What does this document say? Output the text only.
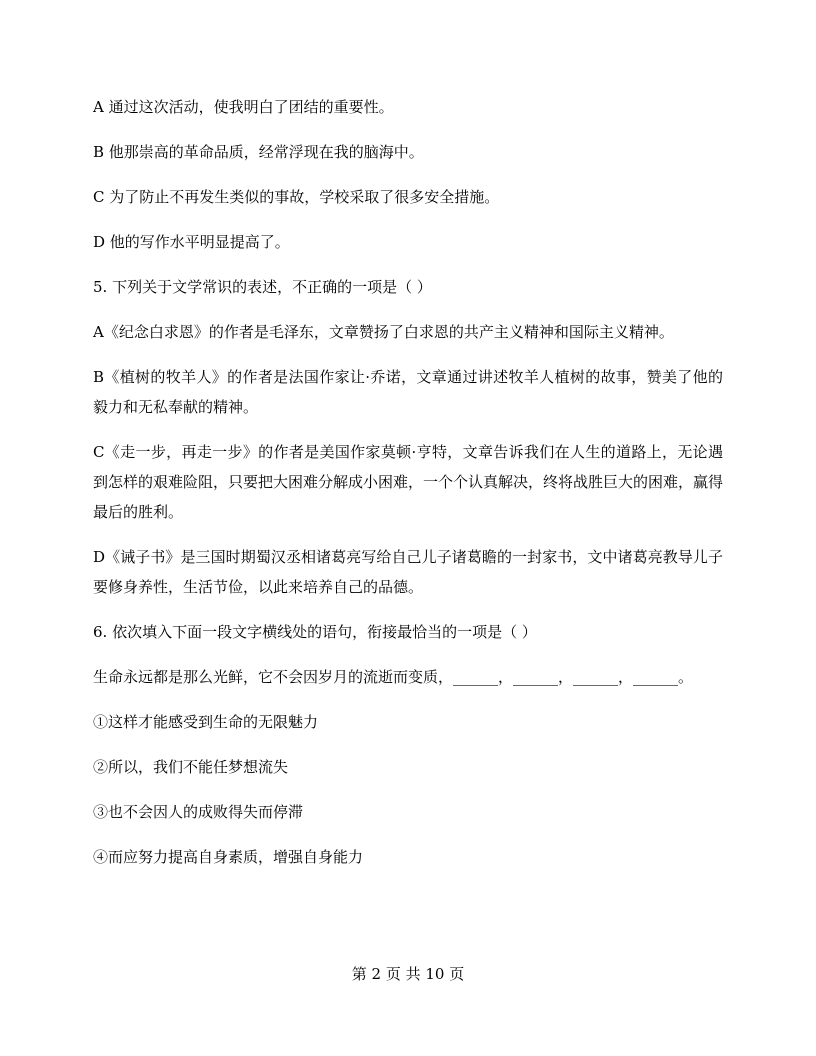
A 通过这次活动，使我明白了团结的重要性。

B 他那崇高的革命品质，经常浮现在我的脑海中。

C 为了防止不再发生类似的事故，学校采取了很多安全措施。

D 他的写作水平明显提高了。

5. 下列关于文学常识的表述，不正确的一项是（ ）

A《纪念白求恩》的作者是毛泽东，文章赞扬了白求恩的共产主义精神和国际主义精神。

B《植树的牧羊人》的作者是法国作家让·乔诺，文章通过讲述牧羊人植树的故事，赞美了他的毅力和无私奉献的精神。

C《走一步，再走一步》的作者是美国作家莫顿·亨特，文章告诉我们在人生的道路上，无论遇到怎样的艰难险阻，只要把大困难分解成小困难，一个个认真解决，终将战胜巨大的困难，赢得最后的胜利。

D《诫子书》是三国时期蜀汉丞相诸葛亮写给自己儿子诸葛瞻的一封家书，文中诸葛亮教导儿子要修身养性，生活节俭，以此来培养自己的品德。

6. 依次填入下面一段文字横线处的语句，衔接最恰当的一项是（ ）

生命永远都是那么光鲜，它不会因岁月的流逝而变质，______，______，______，______。

①这样才能感受到生命的无限魅力

②所以，我们不能任梦想流失

③也不会因人的成败得失而停滞

④而应努力提高自身素质，增强自身能力

第 2 页 共 10 页
